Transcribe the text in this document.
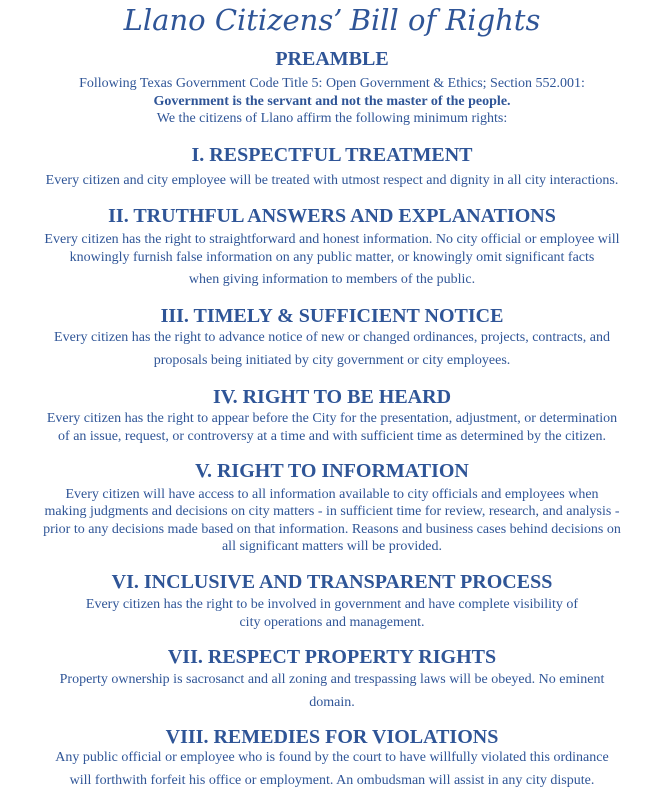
Llano Citizens’ Bill of Rights
PREAMBLE
Following Texas Government Code Title 5: Open Government & Ethics; Section 552.001:
Government is the servant and not the master of the people.
We the citizens of Llano affirm the following minimum rights:
I. RESPECTFUL TREATMENT
Every citizen and city employee will be treated with utmost respect and dignity in all city interactions.
II. TRUTHFUL ANSWERS AND EXPLANATIONS
Every citizen has the right to straightforward and honest information. No city official or employee will
knowingly furnish false information on any public matter, or knowingly omit significant facts
when giving information to members of the public.
III. TIMELY & SUFFICIENT NOTICE
Every citizen has the right to advance notice of new or changed ordinances, projects, contracts, and
proposals being initiated by city government or city employees.
IV. RIGHT TO BE HEARD
Every citizen has the right to appear before the City for the presentation, adjustment, or determination
of an issue, request, or controversy at a time and with sufficient time as determined by the citizen.
V. RIGHT TO INFORMATION
Every citizen will have access to all information available to city officials and employees when
making judgments and decisions on city matters - in sufficient time for review, research, and analysis -
prior to any decisions made based on that information. Reasons and business cases behind decisions on
all significant matters will be provided.
VI. INCLUSIVE AND TRANSPARENT PROCESS
Every citizen has the right to be involved in government and have complete visibility of
city operations and management.
VII. RESPECT PROPERTY RIGHTS
Property ownership is sacrosanct and all zoning and trespassing laws will be obeyed. No eminent
domain.
VIII. REMEDIES FOR VIOLATIONS
Any public official or employee who is found by the court to have willfully violated this ordinance
will forthwith forfeit his office or employment. An ombudsman will assist in any city dispute.
